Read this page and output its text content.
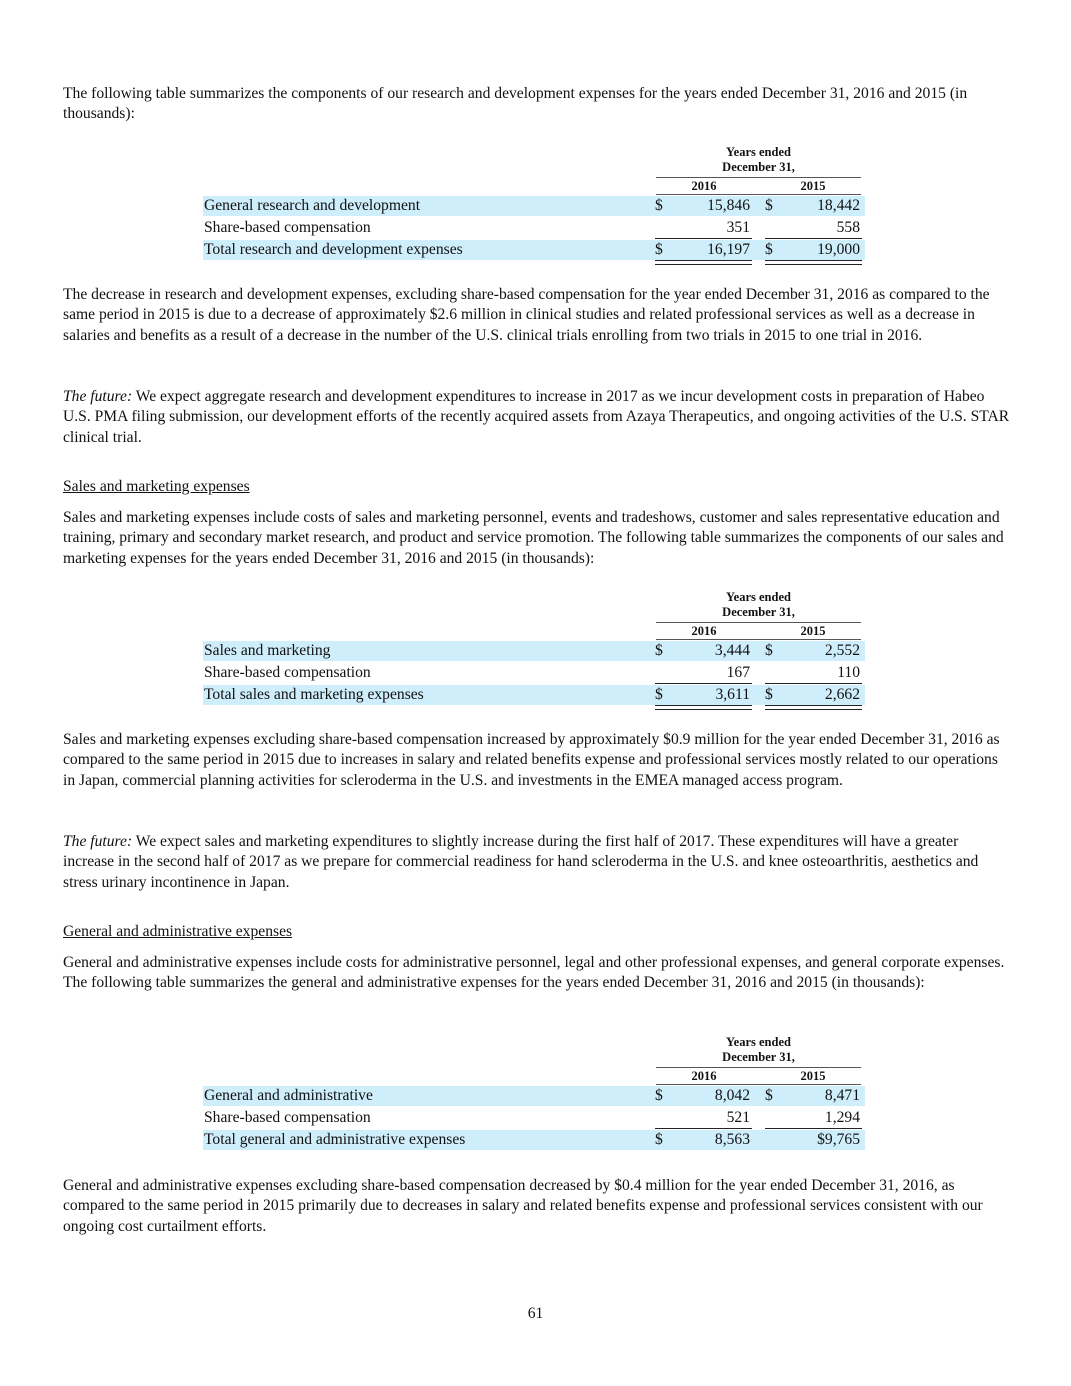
The following table summarizes the components of our research and development expenses for the years ended December 31, 2016 and 2015 (in thousands):

Years ended
December 31,
2016	2015
General research and development	$	15,846 $	18,442
Share-based compensation	351	558
Total research and development expenses	$	16,197 $	19,000

The decrease in research and development expenses, excluding share-based compensation for the year ended December 31, 2016 as compared to the same period in 2015 is due to a decrease of approximately $2.6 million in clinical studies and related professional services as well as a decrease in salaries and benefits as a result of a decrease in the number of the U.S. clinical trials enrolling from two trials in 2015 to one trial in 2016.

The future: We expect aggregate research and development expenditures to increase in 2017 as we incur development costs in preparation of Habeo U.S. PMA filing submission, our development efforts of the recently acquired assets from Azaya Therapeutics, and ongoing activities of the U.S. STAR clinical trial.

Sales and marketing expenses

Sales and marketing expenses include costs of sales and marketing personnel, events and tradeshows, customer and sales representative education and training, primary and secondary market research, and product and service promotion. The following table summarizes the components of our sales and marketing expenses for the years ended December 31, 2016 and 2015 (in thousands):

Years ended
December 31,
2016	2015
Sales and marketing	$	3,444 $	2,552
Share-based compensation	167	110
Total sales and marketing expenses	$	3,611 $	2,662

Sales and marketing expenses excluding share-based compensation increased by approximately $0.9 million for the year ended December 31, 2016 as compared to the same period in 2015 due to increases in salary and related benefits expense and professional services mostly related to our operations in Japan, commercial planning activities for scleroderma in the U.S. and investments in the EMEA managed access program.

The future: We expect sales and marketing expenditures to slightly increase during the first half of 2017. These expenditures will have a greater increase in the second half of 2017 as we prepare for commercial readiness for hand scleroderma in the U.S. and knee osteoarthritis, aesthetics and stress urinary incontinence in Japan.

General and administrative expenses

General and administrative expenses include costs for administrative personnel, legal and other professional expenses, and general corporate expenses. The following table summarizes the general and administrative expenses for the years ended December 31, 2016 and 2015 (in thousands):

Years ended
December 31,
2016	2015
General and administrative	$	8,042 $	8,471
Share-based compensation	521	1,294
Total general and administrative expenses	$	8,563	$9,765

General and administrative expenses excluding share-based compensation decreased by $0.4 million for the year ended December 31, 2016, as compared to the same period in 2015 primarily due to decreases in salary and related benefits expense and professional services consistent with our ongoing cost curtailment efforts.

61
